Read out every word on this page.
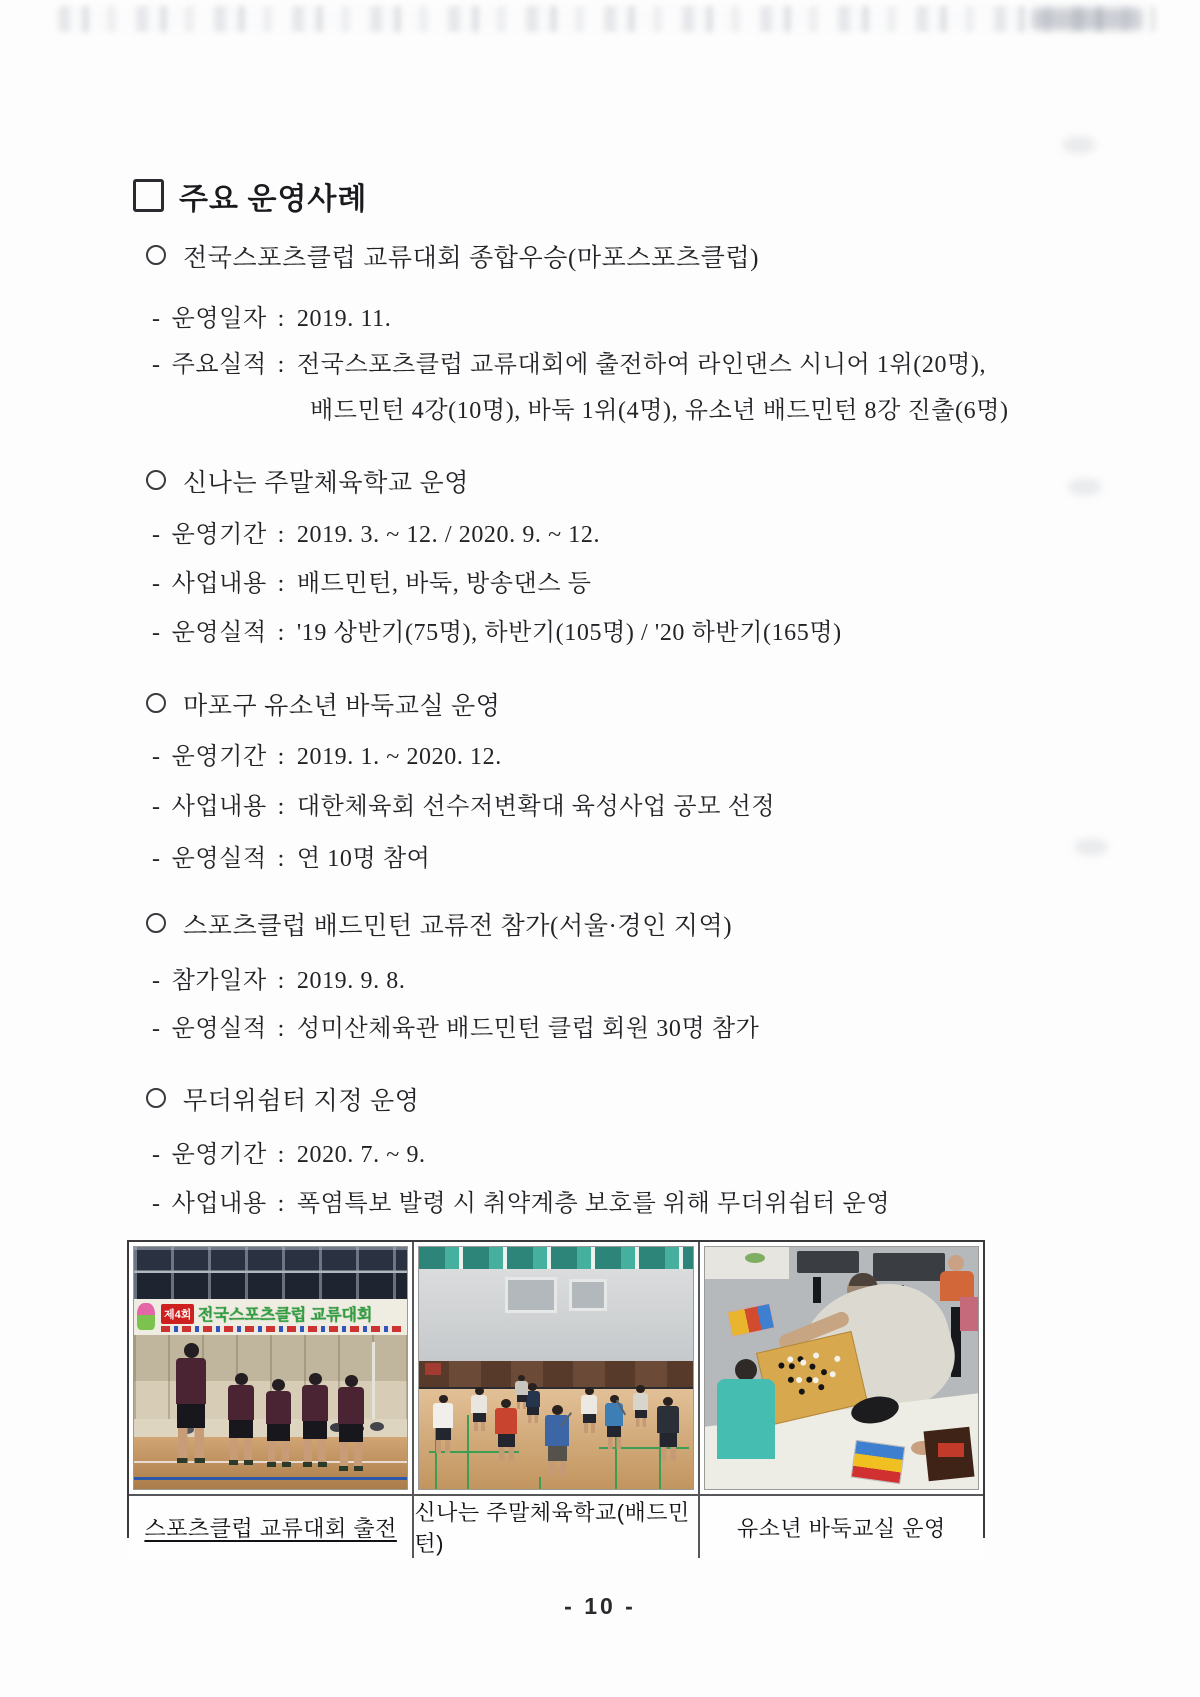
주요 운영사례
전국스포츠클럽 교류대회 종합우승(마포스포츠클럽)
- 운영일자 : 2019. 11.
- 주요실적 : 전국스포츠클럽 교류대회에 출전하여 라인댄스 시니어 1위(20명),
배드민턴 4강(10명), 바둑 1위(4명), 유소년 배드민턴 8강 진출(6명)
신나는 주말체육학교 운영
- 운영기간 : 2019. 3. ~ 12. / 2020. 9. ~ 12.
- 사업내용 : 배드민턴, 바둑, 방송댄스 등
- 운영실적 : '19 상반기(75명), 하반기(105명) / '20 하반기(165명)
마포구 유소년 바둑교실 운영
- 운영기간 : 2019. 1. ~ 2020. 12.
- 사업내용 : 대한체육회 선수저변확대 육성사업 공모 선정
- 운영실적 : 연 10명 참여
스포츠클럽 배드민턴 교류전 참가(서울·경인 지역)
- 참가일자 : 2019. 9. 8.
- 운영실적 : 성미산체육관 배드민턴 클럽 회원 30명 참가
무더위쉼터 지정 운영
- 운영기간 : 2020. 7. ~ 9.
- 사업내용 : 폭염특보 발령 시 취약계층 보호를 위해 무더위쉼터 운영
제4회 전국스포츠클럽 교류대회
스포츠클럽 교류대회 출전
신나는 주말체육학교(배드민턴)
유소년 바둑교실 운영
- 10 -
